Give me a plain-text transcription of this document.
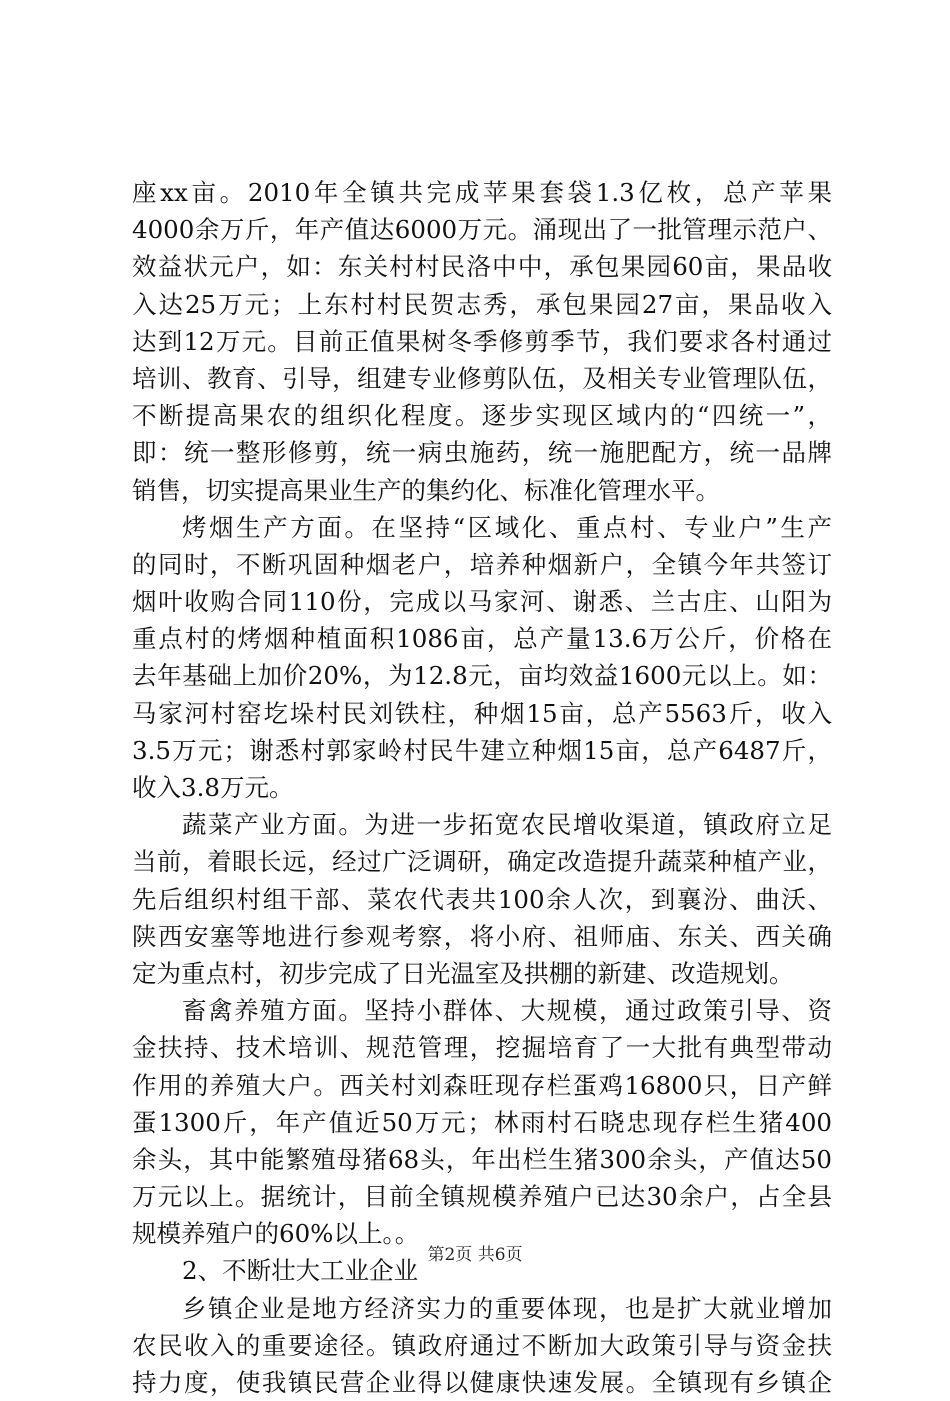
座xx亩。2010年全镇共完成苹果套袋1.3亿枚，总产苹果
4000余万斤，年产值达6000万元。涌现出了一批管理示范户、
效益状元户，如：东关村村民洛中中，承包果园60亩，果品收
入达25万元；上东村村民贺志秀，承包果园27亩，果品收入
达到12万元。目前正值果树冬季修剪季节，我们要求各村通过
培训、教育、引导，组建专业修剪队伍，及相关专业管理队伍，
不断提高果农的组织化程度。逐步实现区域内的“四统一”，
即：统一整形修剪，统一病虫施药，统一施肥配方，统一品牌
销售，切实提高果业生产的集约化、标准化管理水平。
烤烟生产方面。在坚持“区域化、重点村、专业户”生产
的同时，不断巩固种烟老户，培养种烟新户，全镇今年共签订
烟叶收购合同110份，完成以马家河、谢悉、兰古庄、山阳为
重点村的烤烟种植面积1086亩，总产量13.6万公斤，价格在
去年基础上加价20%，为12.8元，亩均效益1600元以上。如：
马家河村窑圪垛村民刘铁柱，种烟15亩，总产5563斤，收入
3.5万元；谢悉村郭家岭村民牛建立种烟15亩，总产6487斤，
收入3.8万元。
蔬菜产业方面。为进一步拓宽农民增收渠道，镇政府立足
当前，着眼长远，经过广泛调研，确定改造提升蔬菜种植产业，
先后组织村组干部、菜农代表共100余人次，到襄汾、曲沃、
陕西安塞等地进行参观考察，将小府、祖师庙、东关、西关确
定为重点村，初步完成了日光温室及拱棚的新建、改造规划。
畜禽养殖方面。坚持小群体、大规模，通过政策引导、资
金扶持、技术培训、规范管理，挖掘培育了一大批有典型带动
作用的养殖大户。西关村刘森旺现存栏蛋鸡16800只，日产鲜
蛋1300斤，年产值近50万元；林雨村石晓忠现存栏生猪400
余头，其中能繁殖母猪68头，年出栏生猪300余头，产值达50
万元以上。据统计，目前全镇规模养殖户已达30余户，占全县
规模养殖户的60%以上。。
2、不断壮大工业企业
乡镇企业是地方经济实力的重要体现，也是扩大就业增加
农民收入的重要途径。镇政府通过不断加大政策引导与资金扶
持力度，使我镇民营企业得以健康快速发展。全镇现有乡镇企
第2页 共6页
